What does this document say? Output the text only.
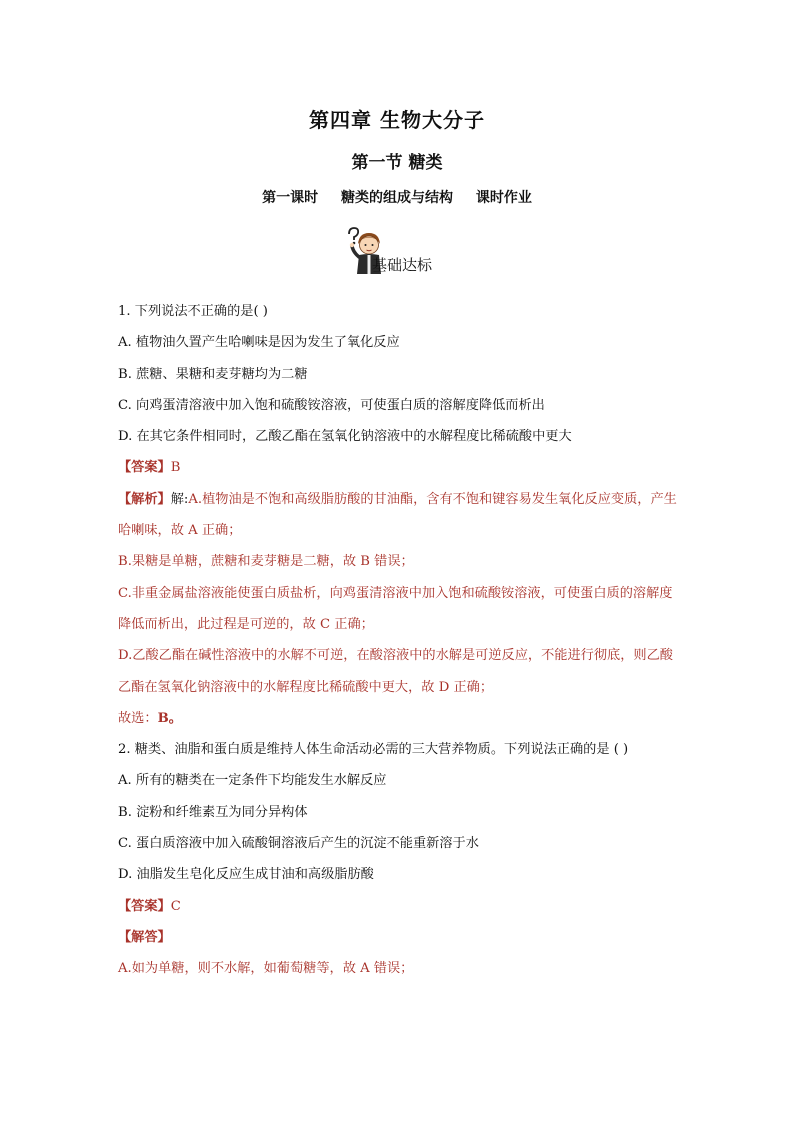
第四章 生物大分子
第一节 糖类
第一课时 糖类的组成与结构 课时作业
基础达标
1. 下列说法不正确的是( )
A. 植物油久置产生哈喇味是因为发生了氧化反应
B. 蔗糖、果糖和麦芽糖均为二糖
C. 向鸡蛋清溶液中加入饱和硫酸铵溶液，可使蛋白质的溶解度降低而析出
D. 在其它条件相同时，乙酸乙酯在氢氧化钠溶液中的水解程度比稀硫酸中更大
【答案】B
【解析】解:A.植物油是不饱和高级脂肪酸的甘油酯，含有不饱和键容易发生氧化反应变质，产生哈喇味，故 A 正确；
B.果糖是单糖，蔗糖和麦芽糖是二糖，故 B 错误；
C.非重金属盐溶液能使蛋白质盐析，向鸡蛋清溶液中加入饱和硫酸铵溶液，可使蛋白质的溶解度降低而析出，此过程是可逆的，故 C 正确；
D.乙酸乙酯在碱性溶液中的水解不可逆，在酸溶液中的水解是可逆反应，不能进行彻底，则乙酸乙酯在氢氧化钠溶液中的水解程度比稀硫酸中更大，故 D 正确；
故选：B。
2. 糖类、油脂和蛋白质是维持人体生命活动必需的三大营养物质。下列说法正确的是 ( )
A. 所有的糖类在一定条件下均能发生水解反应
B. 淀粉和纤维素互为同分异构体
C. 蛋白质溶液中加入硫酸铜溶液后产生的沉淀不能重新溶于水
D. 油脂发生皂化反应生成甘油和高级脂肪酸
【答案】C
【解答】
A.如为单糖，则不水解，如葡萄糖等，故 A 错误；
